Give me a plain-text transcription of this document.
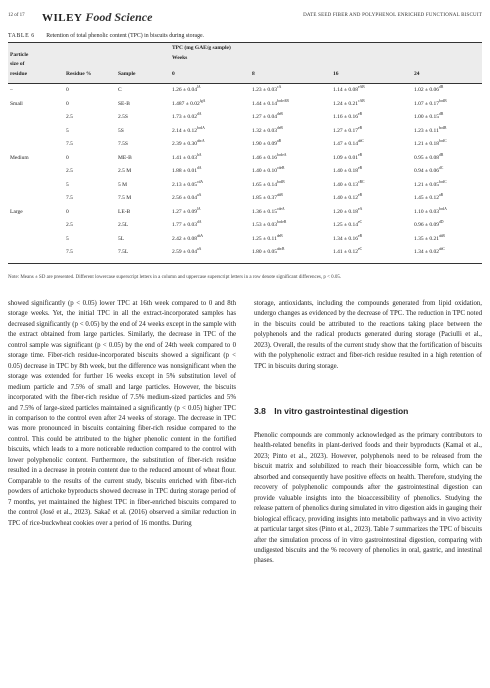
12 of 17 WILEY Food Science	DATE SEED FIBER AND POLYPHENOL ENRICHED FUNCTIONAL BISCUIT
TABLE 6 Retention of total phenolic content (TPC) in biscuits during storage.
Particle
size of
residue	Residue %	Sample
TPC (mg GAE/g sample)
Weeks
0	8	16	24
–	0	C	$1.26 \pm 0.04^{lA}$	$1.23 \pm 0.03^{cA}$	$1.14 \pm 0.08^{eAB}$	$1.02 \pm 0.06^{dB}$
Small	0	SE-B	$1.487 \pm 0.02^{fgA}$	$1.44 \pm 0.14^{bcdeAB}$	$1.24 \pm 0.21^{cAB}$	$1.07 \pm 0.17^{bcdB}$
2.5	2.5S	$1.73 \pm 0.02^{dA}$	$1.27 \pm 0.04^{deB}$	$1.16 \pm 0.16^{eB}$	$1.00 \pm 0.15^{dB}$
5	5S	$2.14 \pm 0.12^{bcdA}$	$1.32 \pm 0.03^{deB}$	$1.27 \pm 0.17^{eB}$	$1.23 \pm 0.11^{bcdB}$
7.5	7.5S	$2.39 \pm 0.30^{abcA}$	$1.90 \pm 0.09^{aB}$	$1.47 \pm 0.14^{abC}$	$1.21 \pm 0.18^{bcdC}$
Medium	0	ME-B	$1.41 \pm 0.03^{hA}$	$1.46 \pm 0.16^{bcdeA}$	$1.09 \pm 0.01^{eB}$	$0.95 \pm 0.08^{dB}$
2.5	2.5 M	$1.88 \pm 0.01^{dA}$	$1.40 \pm 0.10^{cdeB}$	$1.40 \pm 0.18^{eB}$	$0.94 \pm 0.06^{dC}$
5	5 M	$2.13 \pm 0.05^{cdA}$	$1.65 \pm 0.14^{bcdB}$	$1.40 \pm 0.13^{cBC}$	$1.21 \pm 0.05^{bcdC}$
7.5	7.5 M	$2.56 \pm 0.04^{aA}$	$1.85 \pm 0.37^{abB}$	$1.40 \pm 0.12^{eB}$	$1.45 \pm 0.12^{aB}$
Large	0	LE-B	$1.27 \pm 0.09^{lA}$	$1.36 \pm 0.15^{cdeA}$	$1.20 \pm 0.18^{eA}$	$1.10 \pm 0.03^{bcdA}$
2.5	2.5L	$1.77 \pm 0.03^{dA}$	$1.53 \pm 0.03^{bcdeB}$	$1.25 \pm 0.14^{eC}$	$0.96 \pm 0.09^{dD}$
5	5L	$2.42 \pm 0.08^{abA}$	$1.25 \pm 0.11^{deB}$	$1.34 \pm 0.16^{eB}$	$1.35 \pm 0.21^{abB}$
7.5	7.5L	$2.59 \pm 0.04^{aA}$	$1.80 \pm 0.05^{abcB}$	$1.41 \pm 0.12^{eC}$	$1.34 \pm 0.02^{abC}$
Note: Means ± SD are presented. Different lowercase superscript letters in a column and uppercase superscript letters in a row denote significant differences, p < 0.05.

showed significantly (p < 0.05) lower TPC at 16th week compared to 0 and 8th storage weeks. Yet, the initial TPC in all the extract-incorporated samples has decreased significantly (p < 0.05) by the end of 24 weeks except in the sample with the extract obtained from large particles. Similarly, the decrease in TPC of the control sample was significant (p < 0.05) by the end of 24th week compared to 0 storage time. Fiber-rich residue-incorporated biscuits showed a significant (p < 0.05) decrease in TPC by 8th week, but the difference was nonsignificant when the storage was extended for further 16 weeks except in 5% substitution level of medium particle and 7.5% of small and large particles. However, the biscuits incorporated with the fiber-rich residue of 7.5% medium-sized particles and 5% and 7.5% of large-sized particles maintained a significantly (p < 0.05) higher TPC in comparison to the control even after 24 weeks of storage. The decrease in TPC was more pronounced in biscuits containing fiber-rich residue compared to the control. This could be attributed to the higher phenolic content in the fortified biscuits, which leads to a more noticeable reduction compared to the control with lower polyphenolic content. Furthermore, the substitution of fiber-rich residue resulted in a decrease in protein content due to the reduced amount of wheat flour. Comparable to the results of the current study, biscuits enriched with fiber-rich powders of artichoke byproducts showed decrease in TPC during storage period of 7 months, yet maintained the highest TPC in fiber-enriched biscuits compared to the control (José et al., 2023). Sakač et al. (2016) observed a similar reduction in TPC of rice-buckwheat cookies over a period of 16 months. During

storage, antioxidants, including the compounds generated from lipid oxidation, undergo changes as evidenced by the decrease of TPC. The reduction in TPC noted in the biscuits could be attributed to the reactions taking place between the polyphenols and the radical products generated during storage (Paciulli et al., 2023). Overall, the results of the current study show that the fortification of biscuits with the polyphenolic extract and fiber-rich residue resulted in a high retention of TPC in biscuits during storage.

3.8 In vitro gastrointestinal digestion

Phenolic compounds are commonly acknowledged as the primary contributors to health-related benefits in plant-derived foods and their byproducts (Kamal et al., 2023; Pinto et al., 2023). However, polyphenols need to be released from the biscuit matrix and solubilized to reach their bioaccessible form, which can be absorbed and consequently have positive effects on health. Therefore, studying the recovery of polyphenolic compounds after the gastrointestinal digestion can provide valuable insights into the bioaccessibility of phenolics. Studying the release pattern of phenolics during simulated in vitro digestion aids in gauging their biological efficacy, providing insights into metabolic pathways and in vivo activity at particular target sites (Pinto et al., 2023). Table 7 summarizes the TPC of biscuits after the simulation process of in vitro gastrointestinal digestion, comparing with undigested biscuits and the % recovery of phenolics in oral, gastric, and intestinal phases.
